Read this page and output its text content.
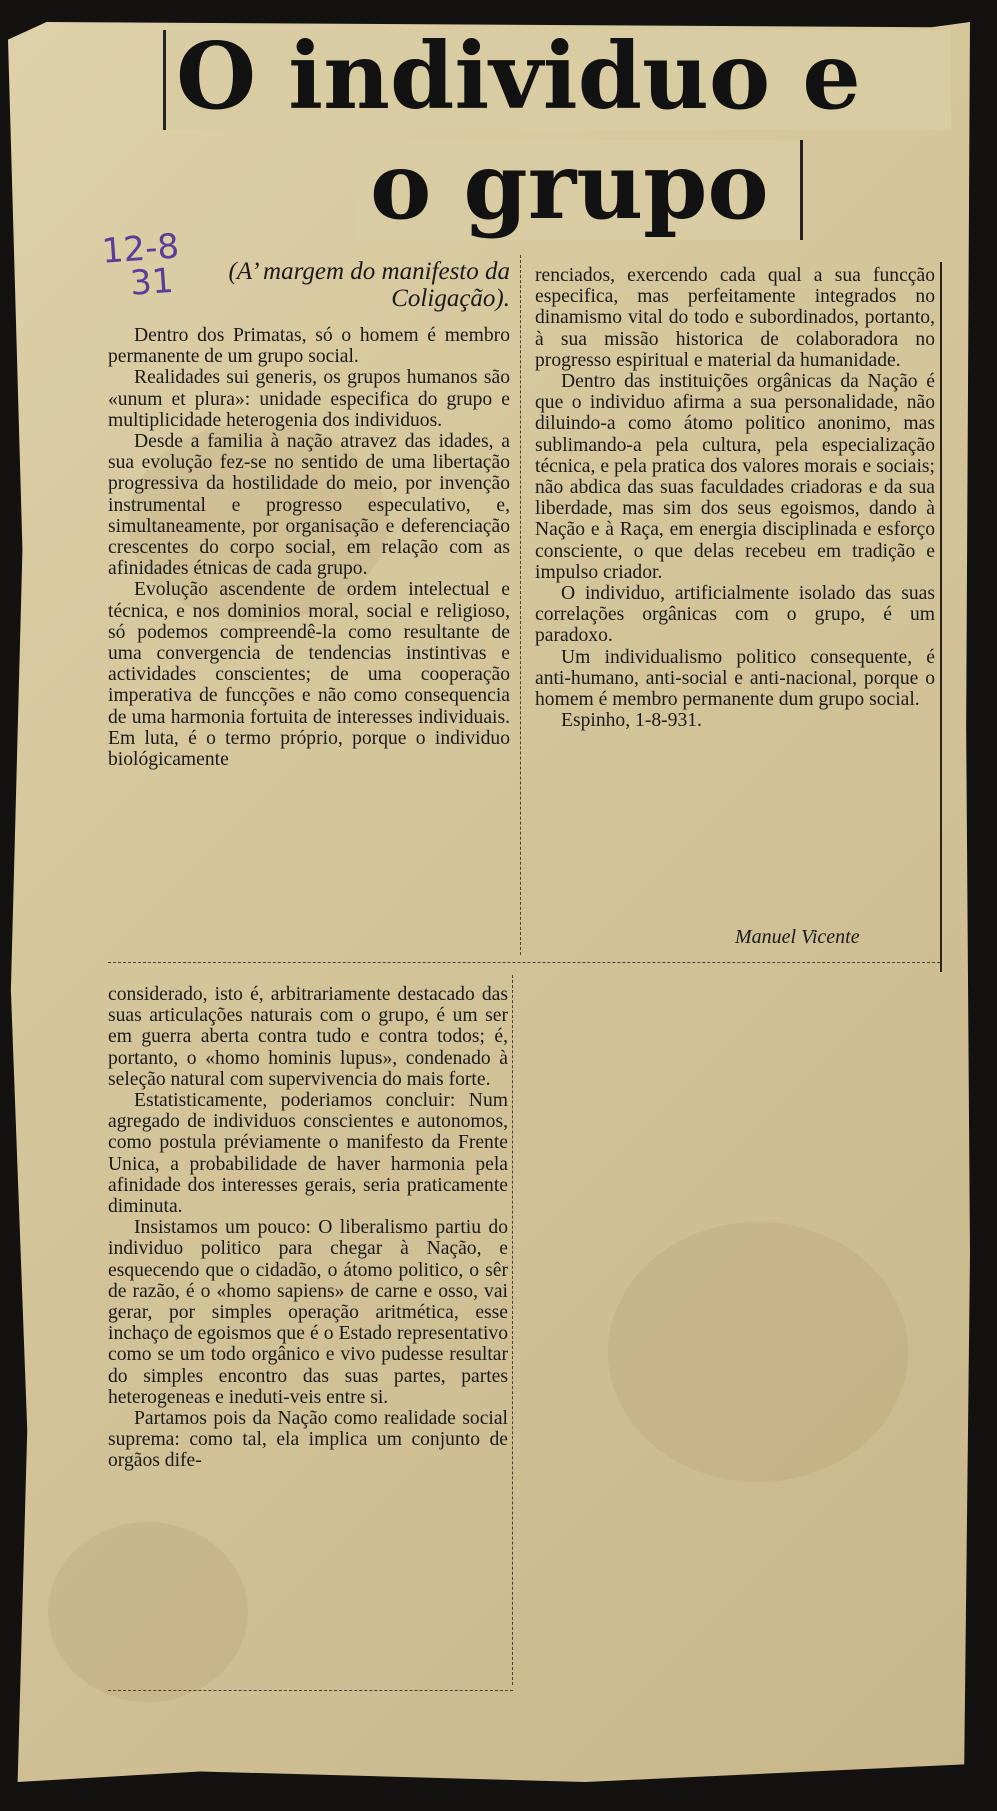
O individuo e
o grupo
12-8
31	(A’ margem do manifesto da Coligação).

Dentro dos Primatas, só o homem é membro permanente de um grupo social.

Realidades sui generis, os grupos humanos são «unum et plura»: unidade especifica do grupo e multiplicidade heterogenia dos individuos.

Desde a familia à nação atravez das idades, a sua evolução fez-se no sentido de uma libertação progressiva da hostilidade do meio, por invenção instrumental e progresso especulativo, e, simultaneamente, por organisação e deferenciação crescentes do corpo social, em relação com as afinidades étnicas de cada grupo.

Evolução ascendente de ordem intelectual e técnica, e nos dominios moral, social e religioso, só podemos compreendê-la como resultante de uma convergencia de tendencias instintivas e actividades conscientes; de uma cooperação imperativa de funcções e não como consequencia de uma harmonia fortuita de interesses individuais. Em luta, é o termo próprio, porque o individuo biológicamente

renciados, exercendo cada qual a sua funcção especifica, mas perfeitamente integrados no dinamismo vital do todo e subordinados, portanto, à sua missão historica de colaboradora no progresso espiritual e material da humanidade.

Dentro das instituições orgânicas da Nação é que o individuo afirma a sua personalidade, não diluindo-a como átomo politico anonimo, mas sublimando-a pela cultura, pela especialização técnica, e pela pratica dos valores morais e sociais; não abdica das suas faculdades criadoras e da sua liberdade, mas sim dos seus egoismos, dando à Nação e à Raça, em energia disciplinada e esforço consciente, o que delas recebeu em tradição e impulso criador.

O individuo, artificialmente isolado das suas correlações orgânicas com o grupo, é um paradoxo.

Um individualismo politico consequente, é anti-humano, anti-social e anti-nacional, porque o homem é membro permanente dum grupo social.

Espinho, 1-8-931.

Manuel Vicente

considerado, isto é, arbitrariamente destacado das suas articulações naturais com o grupo, é um ser em guerra aberta contra tudo e contra todos; é, portanto, o «homo hominis lupus», condenado à seleção natural com supervivencia do mais forte.

Estatisticamente, poderiamos concluir: Num agregado de individuos conscientes e autonomos, como postula préviamente o manifesto da Frente Unica, a probabilidade de haver harmonia pela afinidade dos interesses gerais, seria praticamente diminuta.

Insistamos um pouco: O liberalismo partiu do individuo politico para chegar à Nação, e esquecendo que o cidadão, o átomo politico, o sêr de razão, é o «homo sapiens» de carne e osso, vai gerar, por simples operação aritmética, esse inchaço de egoismos que é o Estado representativo como se um todo orgânico e vivo pudesse resultar do simples encontro das suas partes, partes heterogeneas e ineduti-veis entre si.

Partamos pois da Nação como realidade social suprema: como tal, ela implica um conjunto de orgãos dife-
